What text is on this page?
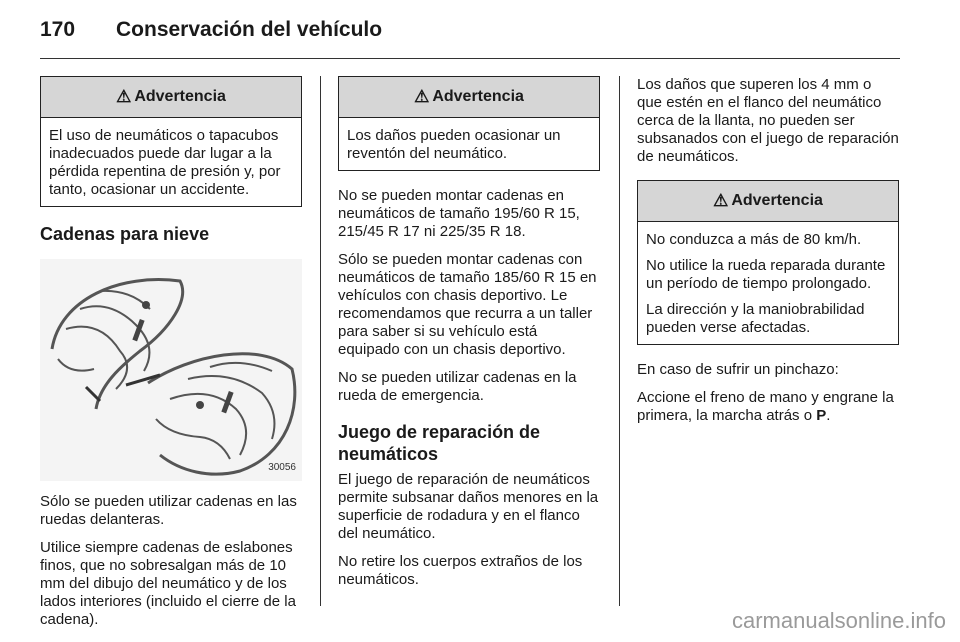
170	Conservación del vehículo
⚠ Advertencia

El uso de neumáticos o tapacubos inadecuados puede dar lugar a la pérdida repentina de presión y, por tanto, ocasionar un accidente.

Cadenas para nieve
30056

Sólo se pueden utilizar cadenas en las ruedas delanteras.

Utilice siempre cadenas de eslabones finos, que no sobresalgan más de 10 mm del dibujo del neumático y de los lados interiores (incluido el cierre de la cadena).

⚠ Advertencia

Los daños pueden ocasionar un reventón del neumático.

No se pueden montar cadenas en neumáticos de tamaño 195/60 R 15, 215/45 R 17 ni 225/35 R 18.

Sólo se pueden montar cadenas con neumáticos de tamaño 185/60 R 15 en vehículos con chasis deportivo. Le recomendamos que recurra a un taller para saber si su vehículo está equipado con un chasis deportivo.

No se pueden utilizar cadenas en la rueda de emergencia.

Juego de reparación de neumáticos

El juego de reparación de neumáticos permite subsanar daños menores en la superficie de rodadura y en el flanco del neumático.

No retire los cuerpos extraños de los neumáticos.

Los daños que superen los 4 mm o que estén en el flanco del neumático cerca de la llanta, no pueden ser subsanados con el juego de reparación de neumáticos.

⚠ Advertencia

No conduzca a más de 80 km/h.

No utilice la rueda reparada durante un período de tiempo prolongado.

La dirección y la maniobrabilidad pueden verse afectadas.

En caso de sufrir un pinchazo:

Accione el freno de mano y engrane la primera, la marcha atrás o P.

carmanualsonline.info
